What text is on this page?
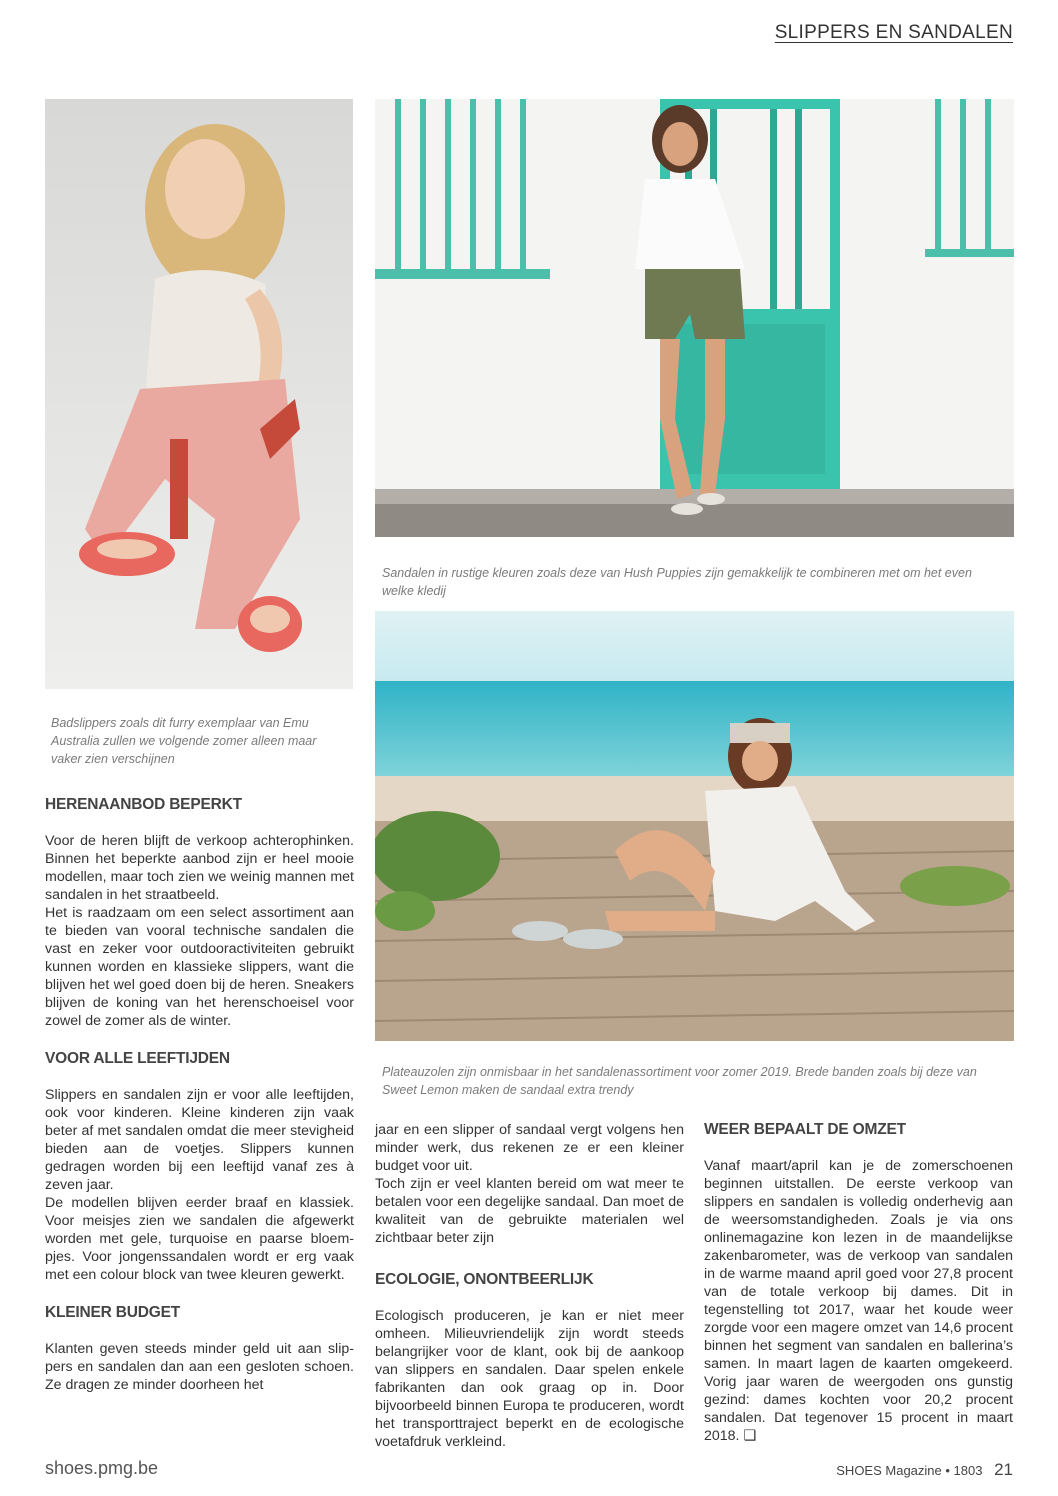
SLIPPERS EN SANDALEN
Badslippers zoals dit furry exemplaar van Emu Australia zullen we volgende zomer alleen maar vaker zien verschijnen
Sandalen in rustige kleuren zoals deze van Hush Puppies zijn gemakkelijk te combineren met om het even welke kledij
Plateauzolen zijn onmisbaar in het sandalenassortiment voor zomer 2019. Brede banden zoals bij deze van Sweet Lemon maken de sandaal extra trendy
HERENAANBOD BEPERKT

Voor de heren blijft de verkoop achterophinken. Binnen het beperkte aanbod zijn er heel mooie modellen, maar toch zien we weinig mannen met sandalen in het straatbeeld.

Het is raadzaam om een select assortiment aan te bieden van vooral technische sandalen die vast en zeker voor outdooractiviteiten gebruikt kunnen worden en klassieke slippers, want die blijven het wel goed doen bij de heren. Sneakers blijven de koning van het herenschoeisel voor zowel de zomer als de winter.

VOOR ALLE LEEFTIJDEN

Slippers en sandalen zijn er voor alle leeftijden, ook voor kinderen. Kleine kinderen zijn vaak beter af met sandalen omdat die meer stevigheid bieden aan de voetjes. Slippers kunnen gedragen worden bij een leeftijd vanaf zes à zeven jaar.

De modellen blijven eerder braaf en klassiek. Voor meisjes zien we sandalen die afgewerkt worden met gele, turquoise en paarse bloempjes. Voor jongenssandalen wordt er erg vaak met een colour block van twee kleuren gewerkt.

KLEINER BUDGET

Klanten geven steeds minder geld uit aan slippers en sandalen dan aan een gesloten schoen. Ze dragen ze minder doorheen het

jaar en een slipper of sandaal vergt volgens hen minder werk, dus rekenen ze er een kleiner budget voor uit.

Toch zijn er veel klanten bereid om wat meer te betalen voor een degelijke sandaal. Dan moet de kwaliteit van de gebruikte materialen wel zichtbaar beter zijn

ECOLOGIE, ONONTBEERLIJK

Ecologisch produceren, je kan er niet meer omheen. Milieuvriendelijk zijn wordt steeds belangrijker voor de klant, ook bij de aankoop van slippers en sandalen. Daar spelen enkele fabrikanten dan ook graag op in. Door bijvoorbeeld binnen Europa te produceren, wordt het transporttraject beperkt en de ecologische voetafdruk verkleind.

WEER BEPAALT DE OMZET

Vanaf maart/april kan je de zomerschoenen beginnen uitstallen. De eerste verkoop van slippers en sandalen is volledig onderhevig aan de weersomstandigheden. Zoals je via ons onlinemagazine kon lezen in de maandelijkse zakenbarometer, was de verkoop van sandalen in de warme maand april goed voor 27,8 procent van de totale verkoop bij dames. Dit in tegenstelling tot 2017, waar het koude weer zorgde voor een magere omzet van 14,6 procent binnen het segment van sandalen en ballerina’s samen. In maart lagen de kaarten omgekeerd. Vorig jaar waren de weergoden ons gunstig gezind: dames kochten voor 20,2 procent sandalen. Dat tegenover 15 procent in maart 2018. ❑

shoes.pmg.be	SHOES Magazine • 1803 21
